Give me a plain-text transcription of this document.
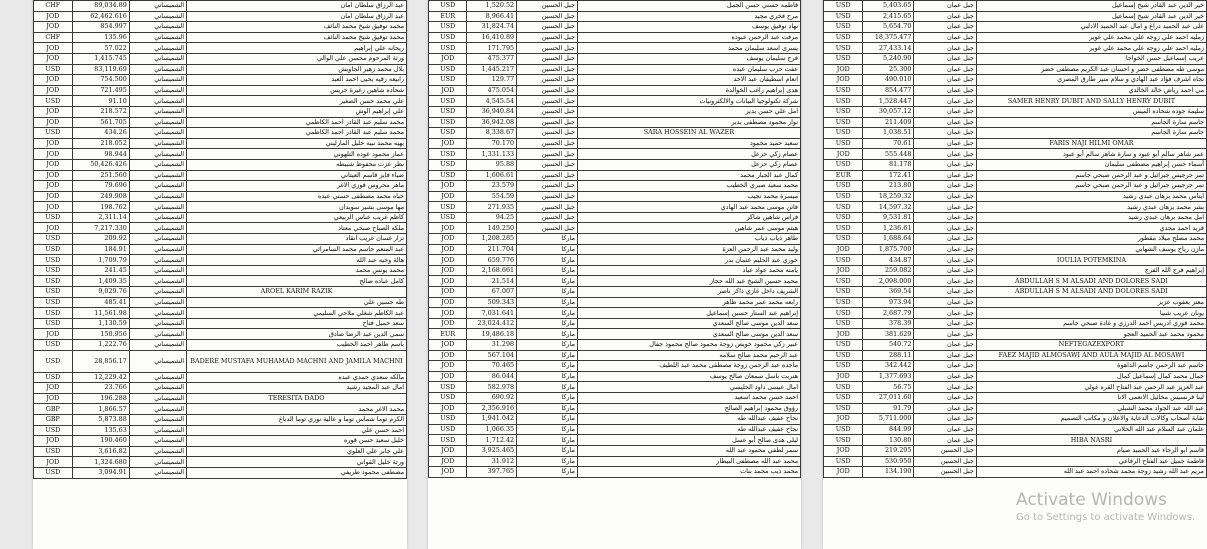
CHF	89,034.89	الشميساني	عبد الرزاق سلطان امان
JOD	62,462.616	الشميساني	عبد الرزاق سلطان امان
JOD	854.997	الشميساني	محمد توفيق شيخ محمد النائف
CHF	135.96	الشميساني	محمد توفيق شيخ محمد النائف
JOD	57.022	الشميساني	ريحانه علي إبراهيم
JOD	1,415.745	الشميساني	ورثة المرحوم محسن علي الوالي
USD	83,119.69	الشميساني	بلال محمد زهير الجاويش
JOD	754.500	الشميساني	رابيعه رقيه يحيى احمد العبد
JOD	721.495	الشميساني	شحاده شاهين زغيرة جريس
USD	91.10	الشميساني	علي محمد حسن الصغير
JOD	218.572	الشميساني	علي إبراهيم الوش
JOD	561.705	الشميساني	محمد سليم عبد القادر احمد الكاظمي
USD	434.26	الشميساني	محمد سليم عبد القادر احمد الكاظمي
JOD	218.052	الشميساني	بهيه محمد نبيه خليل المارليني
JOD	98.944	الشميساني	عمار محمود عوده التلهوني
JOD	50,426.426	الشميساني	نظر عزت محفوظ شبيطه
JOD	251.560	الشميساني	ضياء فايز قاسم العيتاني
JOD	79.696	الشميساني	ماهر محروس فوزي الاغر
JOD	249.908	الشميساني	حياه محمد مصطفى حسني عبده
JOD	198.762	الشميساني	مها موسى بشير سويدان
USD	2,311.14	الشميساني	كاظم غريب عباس الربيعي
JOD	7,217.330	الشميساني	ملكه الصباح صبحي معتاد
USD	209.92	الشميساني	نزار غسان غريب انقاد
USD	184.91	الشميساني	عبد المنعم جاسم محمد السامرائي
USD	1,709.79	الشميساني	هالة وجيه عبد الله
USD	241.45	الشميساني	محمد يونس محمد
USD	1,409.35	الشميساني	كامل عباده صالح
USD	9,029.76	الشميساني	AROEL KARIM RAZIK
USD	485.41	الشميساني	طه حسين علي
USD	11,561.98	الشميساني	عبد الكاظم شغلي ملاحي السليمي
USD	1,130.59	الشميساني	سعد حميل فتاح
JOD	150.956	الشميساني	سمي الدين عبد الرضا صادق
USD	1,222.76	الشميساني	باسم طاهر احمد الخطيب
USD	28,856.17	الشميساني	BADERE MUSTAFA MUHAMAD MACHNI AND JAMILA MACHNI
USD	12,229.42	الشميساني	مالكه سعدي حمدي عبده
JOD	23.766	الشميساني	امال عبد المجيد رشيد
JOD	196.288	الشميساني	TERESITA DADO
GBP	1,866.57	الشميساني	محمد الاغر محمد
GBP	5,873.88	الشميساني	الكرم توما شماس توما و عالية نوري توما الدباغ
USD	135.63	الشميساني	احمد حسن علي
JOD	190.460	الشميساني	خليل سعيد حسن قوره
USD	3,616.82	الشميساني	علي جابر علي العلوي
JOD	1,324.680	الشميساني	ورثة خليل القواني
USD	3,094.91	الشميساني	مصطفى محمود طريفي
USD	1,520.52	جبل الحسين	فاطمه حسني حسن الجمل
EUR	8,966.41	جبل الحسين	مرح فخري مجيد
USD	31,824.74	جبل الحسين	نهاد توفيق يوسف
USD	16,410.89	جبل الحسين	مرفت عبد الرحمن عبوده
USD	171.795	جبل الحسين	يسرى اسعد سليمان محمد
JOD	475.377	جبل الحسين	فرج سليمان يوسف
USD	1,445.217	جبل الحسين	عفت حرب سليمان عبده
USD	129.77	جبل الحسين	انعام اسطيفان عبد الاحد
JOD	475.054	جبل الحسين	هدى إبراهيم راغب الخوالدة
USD	4,545.54	جبل الحسين	شركة تكنولوجيا البيانات والالكترونيات
USD	36,940.84	جبل الحسين	امل علي حسن بدير
USD	36,942.08	جبل الحسين	نوار محمود مصطفى بدير
USD	8,338.67	جبل الحسين	SARA HOSSEIN AL WAZER
JOD	70.170	جبل الحسين	سعيد حميد محمود
USD	1,331.133	جبل الحسين	عصام زكي حزعل
USD	95.88	جبل الحسين	عصام زكي حزعل
USD	1,606.61	جبل الحسين	كمال عبد الجبار محمد
JOD	23.579	جبل الحسين	محمد سعيد صبري الخطيب
JOD	554.59	جبل الحسين	ميسرة محمد نجيب
USD	271.935	جبل الحسين	فاتن موسى محمد عبد الهادي
USD	94.25	جبل الحسين	فراس شاهين شاكر
JOD	149.250	جبل الحسين	هيثم موسى عمر شاهين
JOD	1,208.285	ماركا	طاهر ذياب ذياب
JOD	211.704	ماركا	وليد محمد عبد الرحمن العزة
JOD	659.776	ماركا	خوري عبد الحليم عثمان بدر
JOD	2,168.661	ماركا	يامنه محمد عواد عياد
JOD	21.514	ماركا	محمد حسين الشيخ عبد الله حجاز
JOD	67.007	ماركا	الشريف داخل غازي ذاكر ناصر
JOD	509.343	ماركا	رابعه محمد عمر محمد ظاهر
JOD	7,031.641	ماركا	إبراهيم عبد الستار حسين إسماعيل
JOD	23,024.412	ماركا	سعد الدين موسى صالح السعدي
EUR	19,486.18	ماركا	سعد الدين موسى صالح السعدي
JOD	31.298	ماركا	عبير زكي محمود خويص زوجة محمود صالح محمود جفال
JOD	567.104	ماركا	عبد الرحيم محمد صالح سلامه
JOD	70.465	ماركا	ماجده عبد الرحمن زوجة مصطفى محمد عبد اللطيف
JOD	86.044	ماركا	هنريت باسل سمعان صالح يوسف
USD	582.978	ماركا	امال عيسى داود الحليسي
USD	690.92	ماركا	احمد حسن محمد اسعيد
JOD	2,356.916	ماركا	رؤوق محمود إبراهيم الصالح
USD	1,941.042	ماركا	نجاح عفيف عبدالله طه
USD	1,066.35	ماركا	نجاح عفيف عبدالله طه
USD	1,712.42	ماركا	ليلى هدى صالح أبو عسل
JOD	3,925.465	ماركا	سمر لطفي محمود عبد الله
JOD	31.912	ماركا	محمد عبد الله مصطفى البيطار
JOD	397.765	ماركا	محمد ذيب محمد بنات
USD	5,403.65	جبل عمان	خير الدين عبد القادر شيخ إسماعيل
USD	2,415.65	جبل عمان	خير الدين عبد القادر شيخ إسماعيل
USD	5,654.70	جبل عمان	على عبد الحميد دراغ و امال عبد الحميد الادلبي
USD	18,375.477	جبل عمان	زمليه احمد علي زوجه علي محمد علي غوير
USD	27,433.14	جبل عمان	زمليه احمد علي زوجه علي محمد علي غوير
USD	5,240.90	جبل عمان	عريب إسماعيل حسن الخواجا
JOD	25.300	جبل عمان	موسى طه مصطفى خضر و احسان عبد الكريم مصطفى خضر
JOD	490.010	جبل عمان	نجاه اشرف فؤاد عبد الهادي و سلام منير طارق المصري
USD	854.477	جبل عمان	مي احمد رياض خالد الخالدي
USD	1,528.447	جبل عمان	SAMER HENRY DUBIT AND SALLY HENRY DUBIT
USD	30,057.12	جبل عمان	سليمة جوده شحاده الميس
USD	211.409	جبل عمان	جاسم سارة الجاسم
USD	1,038.51	جبل عمان	جاسم سارة الجاسم
USD	70.61	جبل عمان	FARIS NAJI HILMI OMAR
JOD	555.448	جبل عمان	عمر شاهر سالم أبو عبود و سارة شاهر سالم أبو عبود
USD	81.178	جبل عمان	أسماء حسن إبراهيم مصطفى سليمان
EUR	172.41	جبل عمان	تمر جرجيس جبرائيل و عبد الرحمن صبحي جاسم
USD	213.80	جبل عمان	تمر جرجيس جبرائيل و عبد الرحمن صبحي جاسم
USD	18,259.32	جبل عمان	ايناس محمد برهان عبدي رشيد
USD	14,597.32	جبل عمان	بشر محمد برهان عبدي رشيد
USD	9,531.81	جبل عمان	امل محمد برهان عبدي رشيد
USD	1,236.61	جبل عمان	فريد احمد مجدي
USD	1,688.64	جبل عمان	محمد مصلح ميلاد مقطور
JOD	1,875.700	جبل عمان	مازن رياح يوسف الشهابي
USD	434.87	جبل عمان	IOULIA POTEMKINA
JOD	259.082	جبل عمان	إبراهيم فرج الله الفرج
USD	2,098.000	جبل عمان	ABDULLAH S M ALSADI AND DOLORES SADI
USD	369.54	جبل عمان	ABDULLAH S M ALSADI AND DOLORES SADI
USD	973.94	جبل عمان	معتز يعقوب عزيز
USD	2,687.79	جبل عمان	يونان عريب شبيا
USD	378.39	جبل عمان	محمد فوزي ادريس احمد الدرزي و غادة صبحي جاسم
JOD	381.629	جبل عمان	محمود محمد عبد الحميد العجو
USD	540.72	جبل عمان	NEFTEGAZEXPORT
USD	288.11	جبل عمان	FAEZ MAJID ALMOSAWI AND AULA MAJID AL MOSAWI
USD	342.442	جبل عمان	جاسم عبد الرحمن جاسم الداهوة
JOD	1,377.693	جبل عمان	جمال محمد كمال إسماعيل كمال
USD	56.75	جبل عمان	عبد العزيز عبد الرحمن عبد الفتاح القره غولي
USD	27,011.60	جبل عمان	لينا فرنسيس مخائيل الانعمى الانا
USD	91.79	جبل عمان	عبد الله عبد الجواد محمد الشبلي
JOD	5,711.000	جبل عمان	نقابة أصحاب وكالات الدعاية والاعلان و مكاتب التصميم
USD	844.99	جبل عمان	علمان عبد السلام عبد الله الحلاني
USD	130.80	جبل عمان	HIBA NASRI
JOD	219.295	جبل الحسين	قاسم ابو الرجاء عبد الحميد صيام
USD	530.950	جبل الحسين	فاطمة جميل عبد الفتاح الرفاعي
JOD	134.190	جبل الحسين	مريم عبد الله رشيد زوجة محمد شحاده احمد عبد الله
Activate Windows
Go to Settings to activate Windows.
